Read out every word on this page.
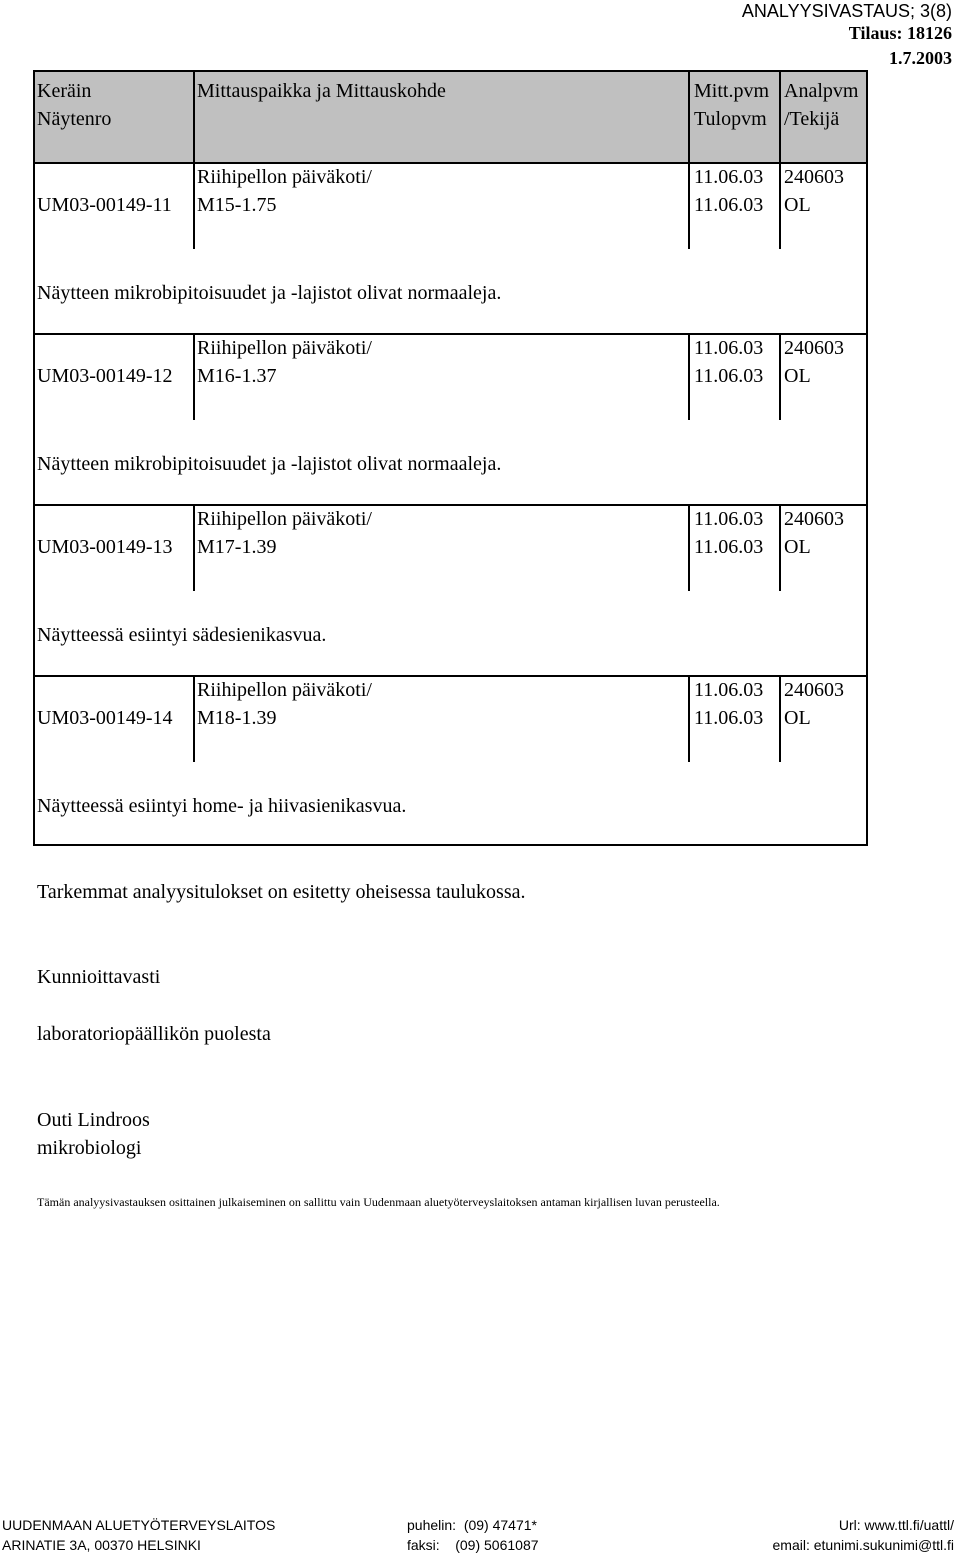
ANALYYSIVASTAUS; 3(8)
Tilaus: 18126
1.7.2003
Keräin
Näytenro
Mittauspaikka ja Mittauskohde	Mitt.pvm
Tulopvm
Analpvm
/Tekijä
Riihipellon päiväkoti/
UM03-00149-11 M15-1.75
11.06.03
11.06.03
240603
OL
Näytteen mikrobipitoisuudet ja -lajistot olivat normaaleja.
Riihipellon päiväkoti/
UM03-00149-12 M16-1.37
11.06.03
11.06.03
240603
OL
Näytteen mikrobipitoisuudet ja -lajistot olivat normaaleja.
Riihipellon päiväkoti/
UM03-00149-13 M17-1.39
11.06.03
11.06.03
240603
OL
Näytteessä esiintyi sädesienikasvua.
Riihipellon päiväkoti/
UM03-00149-14 M18-1.39
11.06.03
11.06.03
240603
OL
Näytteessä esiintyi home- ja hiivasienikasvua.
Tarkemmat analyysitulokset on esitetty oheisessa taulukossa.
Kunnioittavasti
laboratoriopäällikön puolesta
Outi Lindroos
mikrobiologi
Tämän analyysivastauksen osittainen julkaiseminen on sallittu vain Uudenmaan aluetyöterveyslaitoksen antaman kirjallisen luvan perusteella.
UUDENMAAN ALUETYÖTERVEYSLAITOS
ARINATIE 3A, 00370 HELSINKI
puhelin:  (09) 47471*
faksi:    (09) 5061087
Url: www.ttl.fi/uattl/
email: etunimi.sukunimi@ttl.fi
